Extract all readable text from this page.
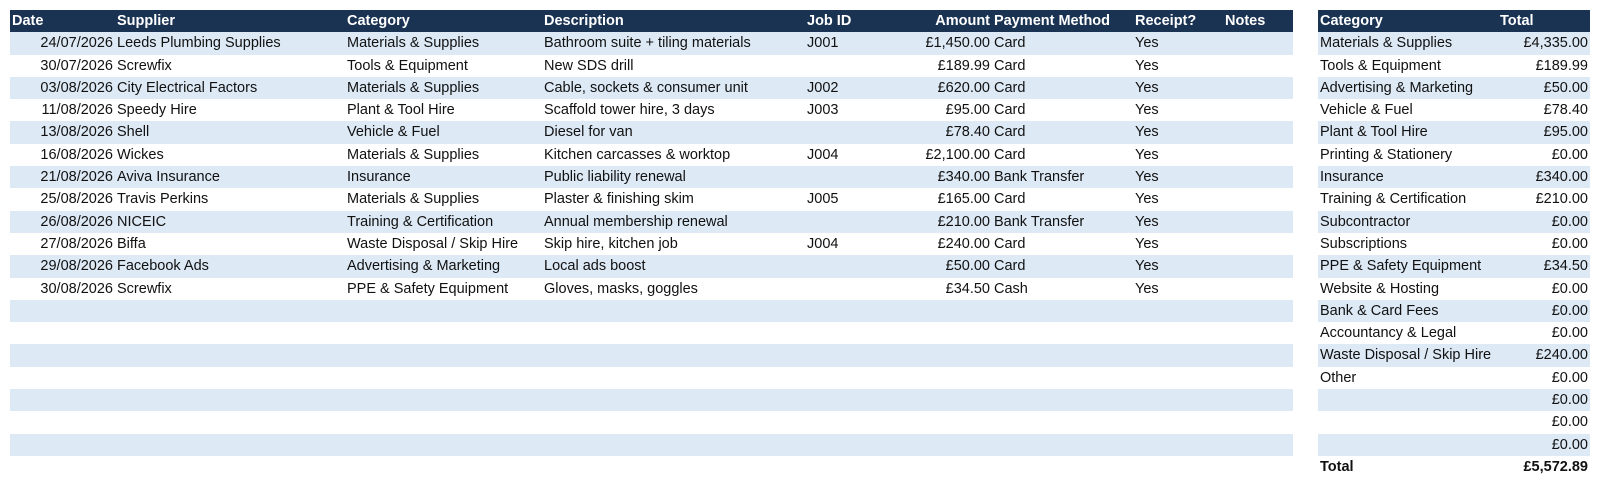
Date	Supplier	Category	Description	Job ID	Amount	Payment Method	Receipt?	Notes
24/07/2026	Leeds Plumbing Supplies	Materials & Supplies	Bathroom suite + tiling materials	J001	£1,450.00	Card	Yes	
30/07/2026	Screwfix	Tools & Equipment	New SDS drill		£189.99	Card	Yes	
03/08/2026	City Electrical Factors	Materials & Supplies	Cable, sockets & consumer unit	J002	£620.00	Card	Yes	
11/08/2026	Speedy Hire	Plant & Tool Hire	Scaffold tower hire, 3 days	J003	£95.00	Card	Yes	
13/08/2026	Shell	Vehicle & Fuel	Diesel for van		£78.40	Card	Yes	
16/08/2026	Wickes	Materials & Supplies	Kitchen carcasses & worktop	J004	£2,100.00	Card	Yes	
21/08/2026	Aviva Insurance	Insurance	Public liability renewal		£340.00	Bank Transfer	Yes	
25/08/2026	Travis Perkins	Materials & Supplies	Plaster & finishing skim	J005	£165.00	Card	Yes	
26/08/2026	NICEIC	Training & Certification	Annual membership renewal		£210.00	Bank Transfer	Yes	
27/08/2026	Biffa	Waste Disposal / Skip Hire	Skip hire, kitchen job	J004	£240.00	Card	Yes	
29/08/2026	Facebook Ads	Advertising & Marketing	Local ads boost		£50.00	Card	Yes	
30/08/2026	Screwfix	PPE & Safety Equipment	Gloves, masks, goggles		£34.50	Cash	Yes	

Category	Total
Materials & Supplies	£4,335.00
Tools & Equipment	£189.99
Advertising & Marketing	£50.00
Vehicle & Fuel	£78.40
Plant & Tool Hire	£95.00
Printing & Stationery	£0.00
Insurance	£340.00
Training & Certification	£210.00
Subcontractor	£0.00
Subscriptions	£0.00
PPE & Safety Equipment	£34.50
Website & Hosting	£0.00
Bank & Card Fees	£0.00
Accountancy & Legal	£0.00
Waste Disposal / Skip Hire	£240.00
Other	£0.00
	£0.00
	£0.00
	£0.00
Total	£5,572.89
